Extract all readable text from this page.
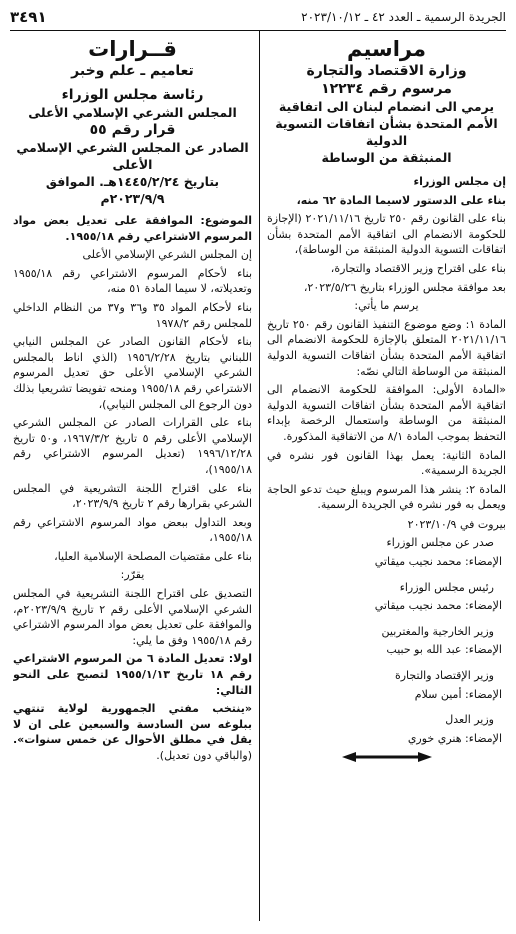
الجريدة الرسمية ـ العدد ٤٢ ـ ٢٠٢٣/١٠/١٢
٣٤٩١
مراسيم
وزارة الاقتصاد والتجارة
مرسوم رقم ١٢٢٣٤
يرمي الى انضمام لبنان الى اتفاقية
الأمم المتحدة بشأن اتفاقات التسوية الدولية
المنبثقة من الوساطة

إن مجلس الوزراء

بناء على الدستور لاسيما المادة ٦٢ منه،

بناء على القانون رقم ٢٥٠ تاريخ ٢٠٢١/١١/١٦ (الإجازة للحكومة الانضمام الى اتفاقية الأمم المتحدة بشأن اتفاقات التسوية الدولية المنبثقة من الوساطة)،

بناء على اقتراح وزير الاقتصاد والتجارة،

بعد موافقة مجلس الوزراء بتاريخ ٢٠٢٣/٥/٢٦،

يرسم ما يأتي:

المادة ١: وضع موضوع التنفيذ القانون رقم ٢٥٠ تاريخ ٢٠٢١/١١/١٦ المتعلق بالإجازة للحكومة الانضمام الى اتفاقية الأمم المتحدة بشأن اتفاقات التسوية الدولية المنبثقة من الوساطة التالي نصّه:

«المادة الأولى: الموافقة للحكومة الانضمام الى اتفاقية الأمم المتحدة بشأن اتفاقات التسوية الدولية المنبثقة من الوساطة واستعمال الرخصة بإبداء التحفظ بموجب المادة ٨/١ من الاتفاقية المذكورة.

المادة الثانية: يعمل بهذا القانون فور نشره في الجريدة الرسمية».

المادة ٢: ينشر هذا المرسوم ويبلغ حيث تدعو الحاجة ويعمل به فور نشره في الجريدة الرسمية.

بيروت في ٢٠٢٣/١٠/٩

صدر عن مجلس الوزراء

الإمضاء: محمد نجيب ميقاتي

رئيس مجلس الوزراء

الإمضاء: محمد نجيب ميقاتي

وزير الخارجية والمغتربين

الإمضاء: عبد الله بو حبيب

وزير الإقتصاد والتجارة

الإمضاء: أمين سلام

وزير العدل

الإمضاء: هنري خوري

قــرارات
تعاميم ـ علم وخبر
رئاسة مجلس الوزراء
المجلس الشرعي الإسلامي الأعلى
قرار رقم ٥٥
الصادر عن المجلس الشرعي الإسلامي الأعلى
بتاريخ ١٤٤٥/٢/٢٤هـ. الموافق ٢٠٢٣/٩/٩م

الموضوع: الموافقة على تعديل بعض مواد المرسوم الاشتراعي رقم ١٩٥٥/١٨.

إن المجلس الشرعي الإسلامي الأعلى

بناء لأحكام المرسوم الاشتراعي رقم ١٩٥٥/١٨ وتعديلاته، لا سيما المادة ٥١ منه،

بناء لأحكام المواد ٣٥ و٣٦ و٣٧ من النظام الداخلي للمجلس رقم ١٩٧٨/٢

بناء لأحكام القانون الصادر عن المجلس النيابي اللبناني بتاريخ ١٩٥٦/٢/٢٨ (الذي اناط بالمجلس الشرعي الإسلامي الأعلى حق تعديل المرسوم الاشتراعي رقم ١٩٥٥/١٨ ومنحه تفويضا تشريعيا بذلك دون الرجوع الى المجلس النيابي)،

بناء على القرارات الصادر عن المجلس الشرعي الإسلامي الأعلى رقم ٥ تاريخ ١٩٦٧/٣/٢، و٥٠ تاريخ ١٩٩٦/١٢/٢٨ (تعديل المرسوم الاشتراعي رقم ١٩٥٥/١٨)،

بناء على اقتراح اللجنة التشريعية في المجلس الشرعي بقرارها رقم ٢ تاريخ ٢٠٢٣/٩/٩،

وبعد التداول ببعض مواد المرسوم الاشتراعي رقم ١٩٥٥/١٨،

بناء على مقتضيات المصلحة الإسلامية العليا،

يقرّر:

التصديق على اقتراح اللجنة التشريعية في المجلس الشرعي الإسلامي الأعلى رقم ٢ تاريخ ٢٠٢٣/٩/٩م، والموافقة على تعديل بعض مواد المرسوم الاشتراعي رقم ١٩٥٥/١٨ وفق ما يلي:

اولا: تعديل المادة ٦ من المرسوم الاشتراعي رقم ١٨ تاريخ ١٩٥٥/١/١٣ لتصبح على النحو التالي:

«ينتخب مفتي الجمهورية لولاية تنتهي ببلوغه سن السادسة والسبعين على ان لا يقل في مطلق الأحوال عن خمس سنوات». (والباقي دون تعديل).
